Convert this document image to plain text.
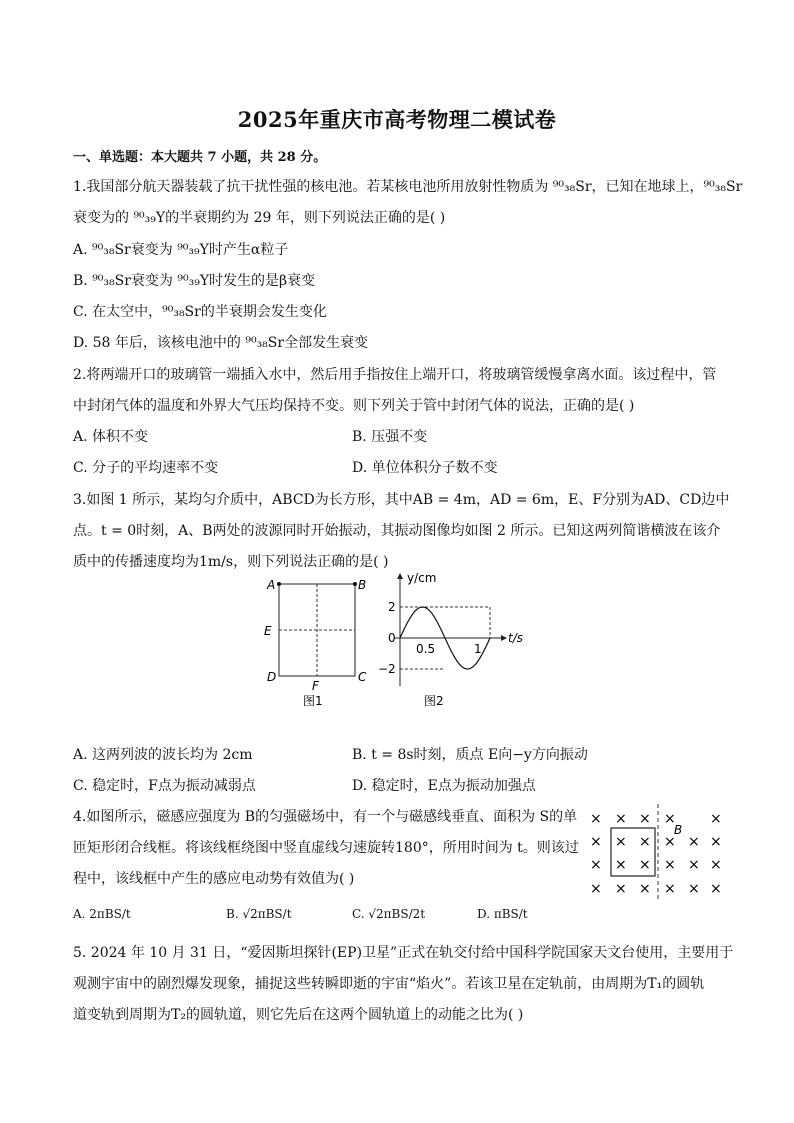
2025年重庆市高考物理二模试卷
一、单选题：本大题共 7 小题，共 28 分。
1.我国部分航天器装载了抗干扰性强的核电池。若某核电池所用放射性物质为 ⁹⁰₃₈Sr，已知在地球上，⁹⁰₃₈Sr
衰变为的 ⁹⁰₃₉Y的半衰期约为 29 年，则下列说法正确的是( )
A. ⁹⁰₃₈Sr衰变为 ⁹⁰₃₉Y时产生α粒子
B. ⁹⁰₃₈Sr衰变为 ⁹⁰₃₉Y时发生的是β衰变
C. 在太空中，⁹⁰₃₈Sr的半衰期会发生变化
D. 58 年后，该核电池中的 ⁹⁰₃₈Sr全部发生衰变
2.将两端开口的玻璃管一端插入水中，然后用手指按住上端开口，将玻璃管缓慢拿离水面。该过程中，管
中封闭气体的温度和外界大气压均保持不变。则下列关于管中封闭气体的说法，正确的是( )
A. 体积不变	B. 压强不变
C. 分子的平均速率不变	D. 单位体积分子数不变
3.如图 1 所示，某均匀介质中，ABCD为长方形，其中AB = 4m，AD = 6m，E、F分别为AD、CD边中
点。t = 0时刻，A、B两处的波源同时开始振动，其振动图像均如图 2 所示。已知这两列简谐横波在该介
质中的传播速度均为1m/s，则下列说法正确的是( )
A	B
C
D
E
F
图1
y/cm
t/s
2
−2
0
0.5	1
图2
A. 这两列波的波长均为 2cm	B. t = 8s时刻，质点 E向−y方向振动
C. 稳定时，F点为振动减弱点	D. 稳定时，E点为振动加强点
4.如图所示，磁感应强度为 B的匀强磁场中，有一个与磁感线垂直、面积为 S的单
匝矩形闭合线框。将该线框绕图中竖直虚线匀速旋转180°，所用时间为 t。则该过
程中，该线框中产生的感应电动势有效值为( )
× × × × ×
× × × × × ×
× × × × × ×
× × × × × ×
B
A. 2πBS/t	B. √2πBS/t	C. √2πBS/2t	D. πBS/t
5. 2024 年 10 月 31 日，“爱因斯坦探针(EP)卫星”正式在轨交付给中国科学院国家天文台使用，主要用于
观测宇宙中的剧烈爆发现象，捕捉这些转瞬即逝的宇宙“焰火”。若该卫星在定轨前，由周期为T₁的圆轨
道变轨到周期为T₂的圆轨道，则它先后在这两个圆轨道上的动能之比为( )
